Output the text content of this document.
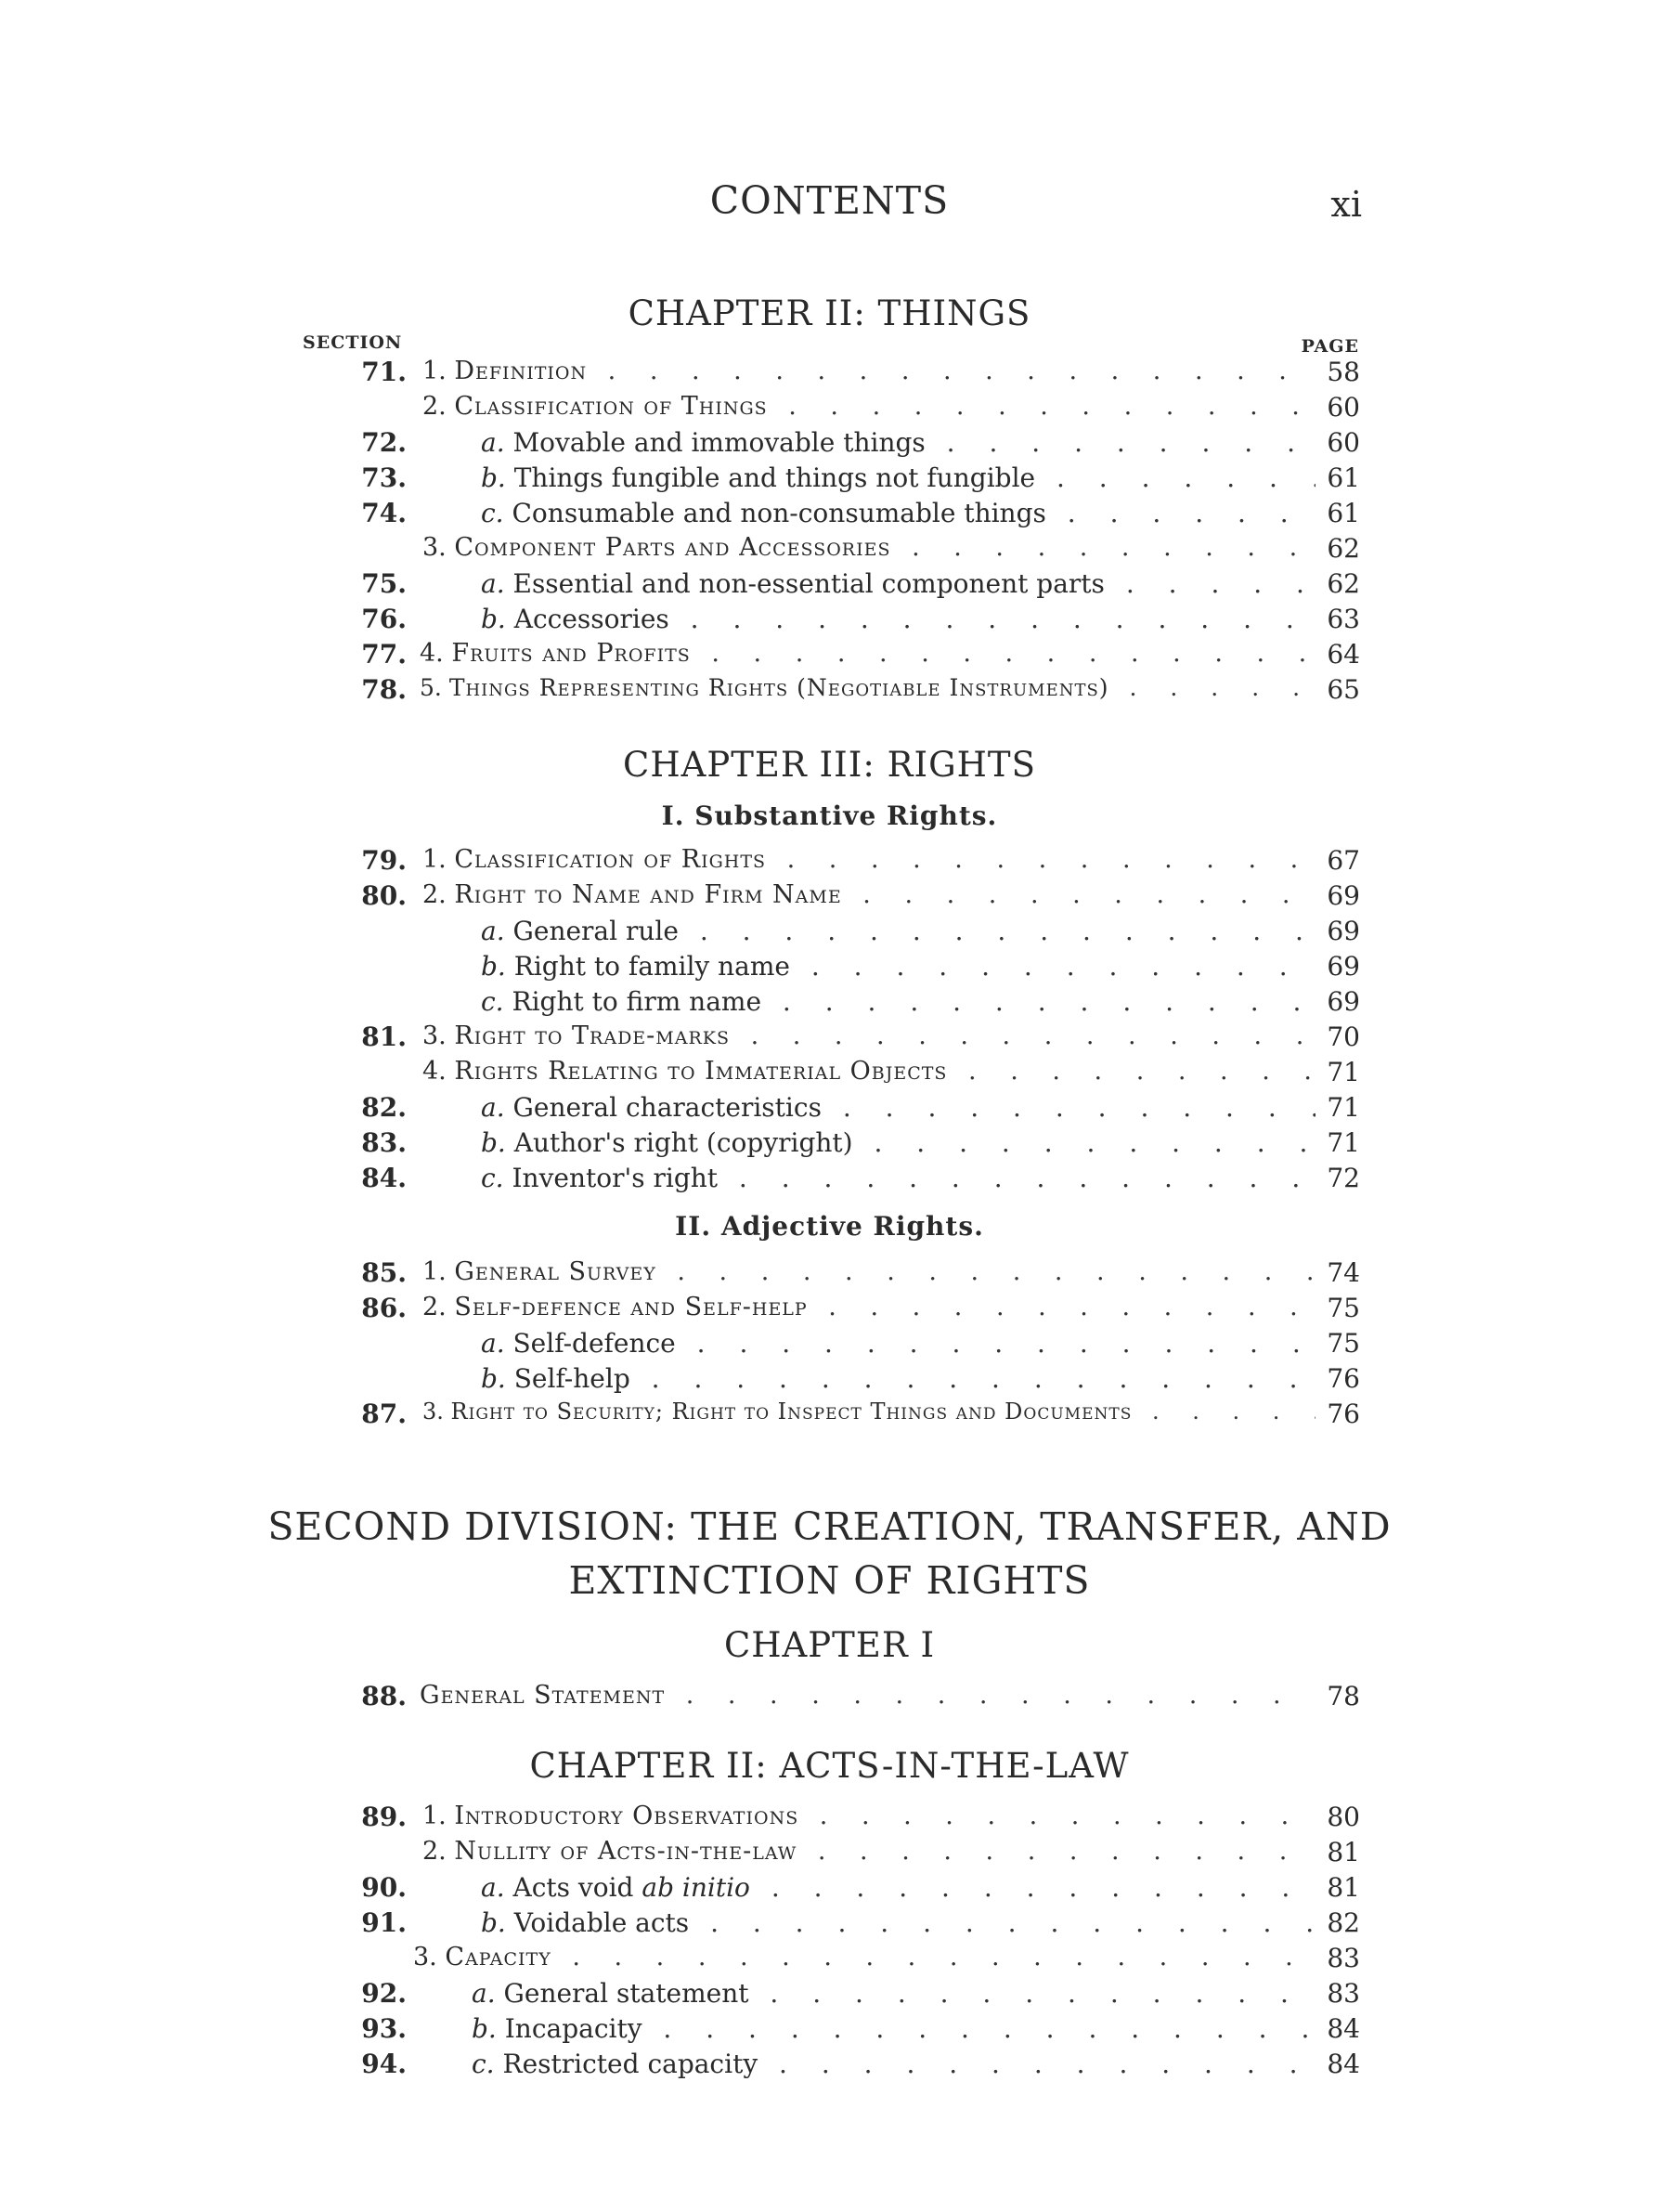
CONTENTS	xi
CHAPTER II: THINGS
SECTION	PAGE
71. 1. Definition . . .	58
2. Classification of Things . . .	60
72.	a. Movable and immovable things . . .	60
73.	b. Things fungible and things not fungible . . .	61
74.	c. Consumable and non-consumable things . . .	61
3. Component Parts and Accessories . . .	62
75.	a. Essential and non-essential component parts . . .	62
76.	b. Accessories . . .	63
77. 4. Fruits and Profits . . .	64
78. 5. Things Representing Rights (Negotiable Instruments) . . .	65
CHAPTER III: RIGHTS
I. Substantive Rights.
79. 1. Classification of Rights . . .	67
80. 2. Right to Name and Firm Name . . .	69
a. General rule . . .	69
b. Right to family name . . .	69
c. Right to firm name . . .	69
81. 3. Right to Trade-marks . . .	70
4. Rights Relating to Immaterial Objects . . .	71
82.	a. General characteristics . . .	71
83.	b. Author's right (copyright) . . .	71
84.	c. Inventor's right . . .	72
II. Adjective Rights.
85. 1. General Survey . . .	74
86. 2. Self-defence and Self-help . . .	75
a. Self-defence . . .	75
b. Self-help . . .	76
87. 3. Right to Security; Right to Inspect Things and Documents . . .	76
SECOND DIVISION: THE CREATION, TRANSFER, AND
EXTINCTION OF RIGHTS
CHAPTER I
88. General Statement . . .	78
CHAPTER II: ACTS-IN-THE-LAW
89. 1. Introductory Observations . . .	80
2. Nullity of Acts-in-the-law . . .	81
90.	a. Acts void ab initio . . .	81
91.	b. Voidable acts . . .	82
3. Capacity . . .	83
92.	a. General statement . . .	83
93.	b. Incapacity . . .	84
94.	c. Restricted capacity . . .	84
